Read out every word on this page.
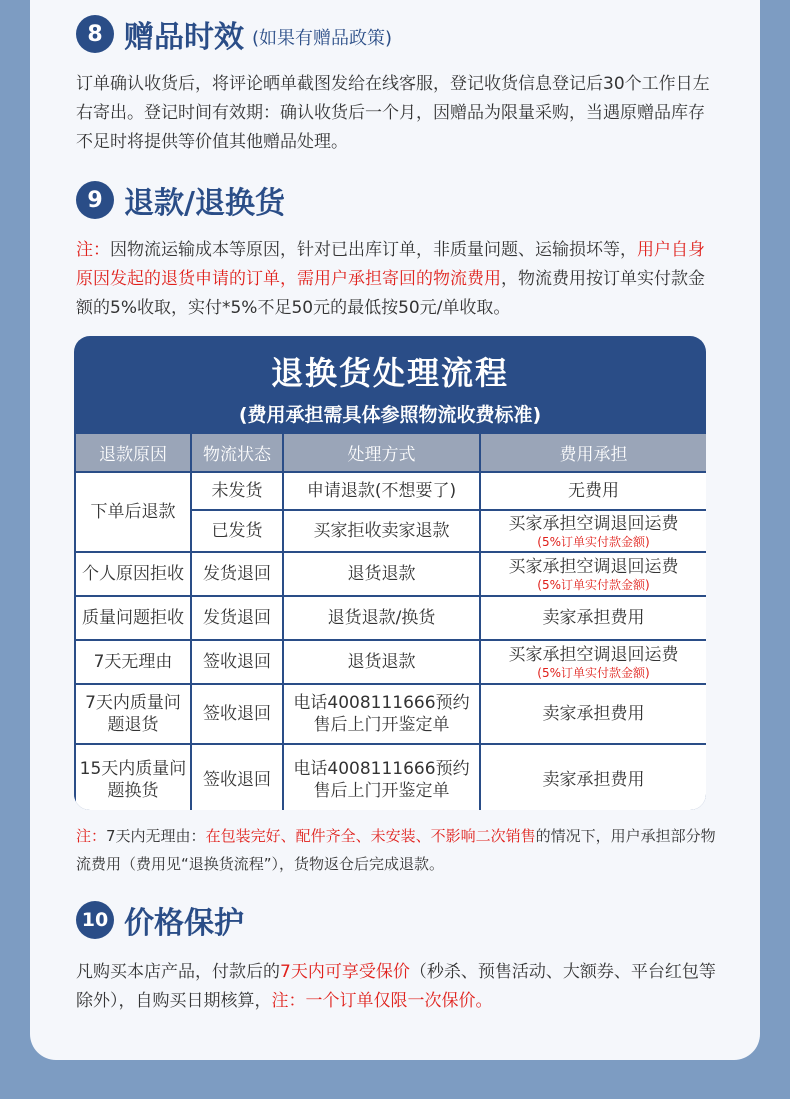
8 赠品时效 (如果有赠品政策)
订单确认收货后，将评论晒单截图发给在线客服，登记收货信息登记后30个工作日左右寄出。登记时间有效期：确认收货后一个月，因赠品为限量采购，当遇原赠品库存不足时将提供等价值其他赠品处理。
9 退款/退换货
注：因物流运输成本等原因，针对已出库订单，非质量问题、运输损坏等，用户自身原因发起的退货申请的订单，需用户承担寄回的物流费用，物流费用按订单实付款金额的5%收取，实付*5%不足50元的最低按50元/单收取。
退换货处理流程
(费用承担需具体参照物流收费标准)
退款原因	物流状态	处理方式	费用承担
下单后退款	未发货	申请退款(不想要了)	无费用
	已发货	买家拒收卖家退款	买家承担空调退回运费
(5%订单实付款金额)

个人原因拒收	发货退回	退货退款	买家承担空调退回运费
(5%订单实付款金额)

质量问题拒收	发货退回	退货退款/换货	卖家承担费用
7天无理由	签收退回	退货退款	买家承担空调退回运费
(5%订单实付款金额)

7天内质量问题退货	签收退回	电话4008111666预约售后上门开鉴定单	卖家承担费用
15天内质量问题换货	签收退回	电话4008111666预约售后上门开鉴定单	卖家承担费用
注：7天内无理由：在包装完好、配件齐全、未安装、不影响二次销售的情况下，用户承担部分物流费用（费用见“退换货流程”），货物返仓后完成退款。
10 价格保护
凡购买本店产品，付款后的7天内可享受保价（秒杀、预售活动、大额券、平台红包等除外），自购买日期核算，注：一个订单仅限一次保价。
